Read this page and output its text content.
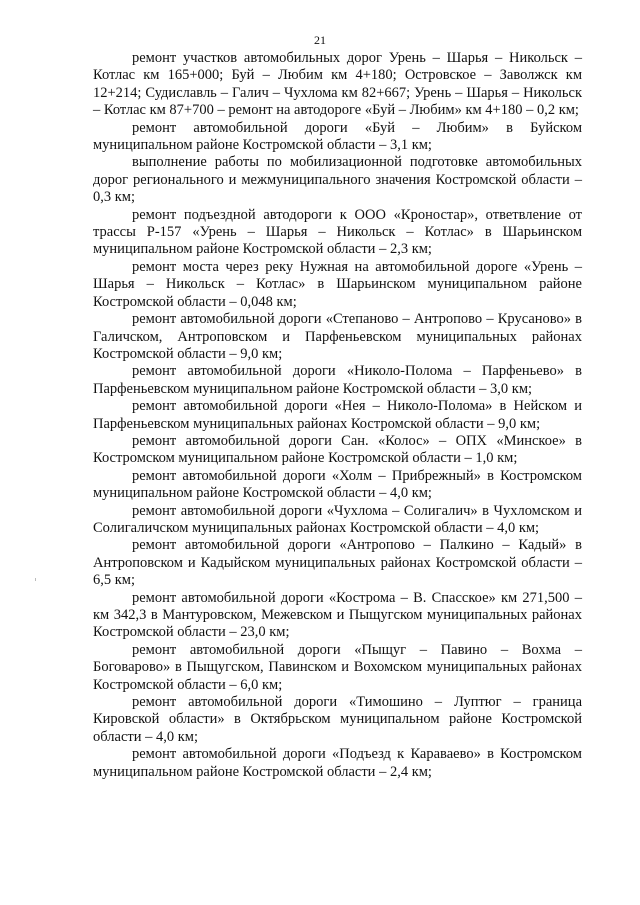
21

ремонт участков автомобильных дорог Урень – Шарья – Никольск – Котлас км 165+000; Буй – Любим км 4+180; Островское – Заволжск км 12+214; Судиславль – Галич – Чухлома км 82+667; Урень – Шарья – Никольск – Котлас км 87+700 – ремонт на автодороге «Буй – Любим» км 4+180 – 0,2 км;

ремонт автомобильной дороги «Буй – Любим» в Буйском муниципальном районе Костромской области – 3,1 км;

выполнение работы по мобилизационной подготовке автомобильных дорог регионального и межмуниципального значения Костромской области – 0,3 км;

ремонт подъездной автодороги к ООО «Кроностар», ответвление от трассы Р-157 «Урень – Шарья – Никольск – Котлас» в Шарьинском муниципальном районе Костромской области – 2,3 км;

ремонт моста через реку Нужная на автомобильной дороге «Урень – Шарья – Никольск – Котлас» в Шарьинском муниципальном районе Костромской области – 0,048 км;

ремонт автомобильной дороги «Степаново – Антропово – Крусаново» в Галичском, Антроповском и Парфеньевском муниципальных районах Костромской области – 9,0 км;

ремонт автомобильной дороги «Николо-Полома – Парфеньево» в Парфеньевском муниципальном районе Костромской области – 3,0 км;

ремонт автомобильной дороги «Нея – Николо-Полома» в Нейском и Парфеньевском муниципальных районах Костромской области – 9,0 км;

ремонт автомобильной дороги Сан. «Колос» – ОПХ «Минское» в Костромском муниципальном районе Костромской области – 1,0 км;

ремонт автомобильной дороги «Холм – Прибрежный» в Костромском муниципальном районе Костромской области – 4,0 км;

ремонт автомобильной дороги «Чухлома – Солигалич» в Чухломском и Солигаличском муниципальных районах Костромской области – 4,0 км;

ремонт автомобильной дороги «Антропово – Палкино – Кадый» в Антроповском и Кадыйском муниципальных районах Костромской области – 6,5 км;

ремонт автомобильной дороги «Кострома – В. Спасское» км 271,500 – км 342,3 в Мантуровском, Межевском и Пыщугском муниципальных районах Костромской области – 23,0 км;

ремонт автомобильной дороги «Пыщуг – Павино – Вохма – Боговарово» в Пыщугском, Павинском и Вохомском муниципальных районах Костромской области – 6,0 км;

ремонт автомобильной дороги «Тимошино – Луптюг – граница Кировской области» в Октябрьском муниципальном районе Костромской области – 4,0 км;

ремонт автомобильной дороги «Подъезд к Караваево» в Костромском муниципальном районе Костромской области – 2,4 км;
